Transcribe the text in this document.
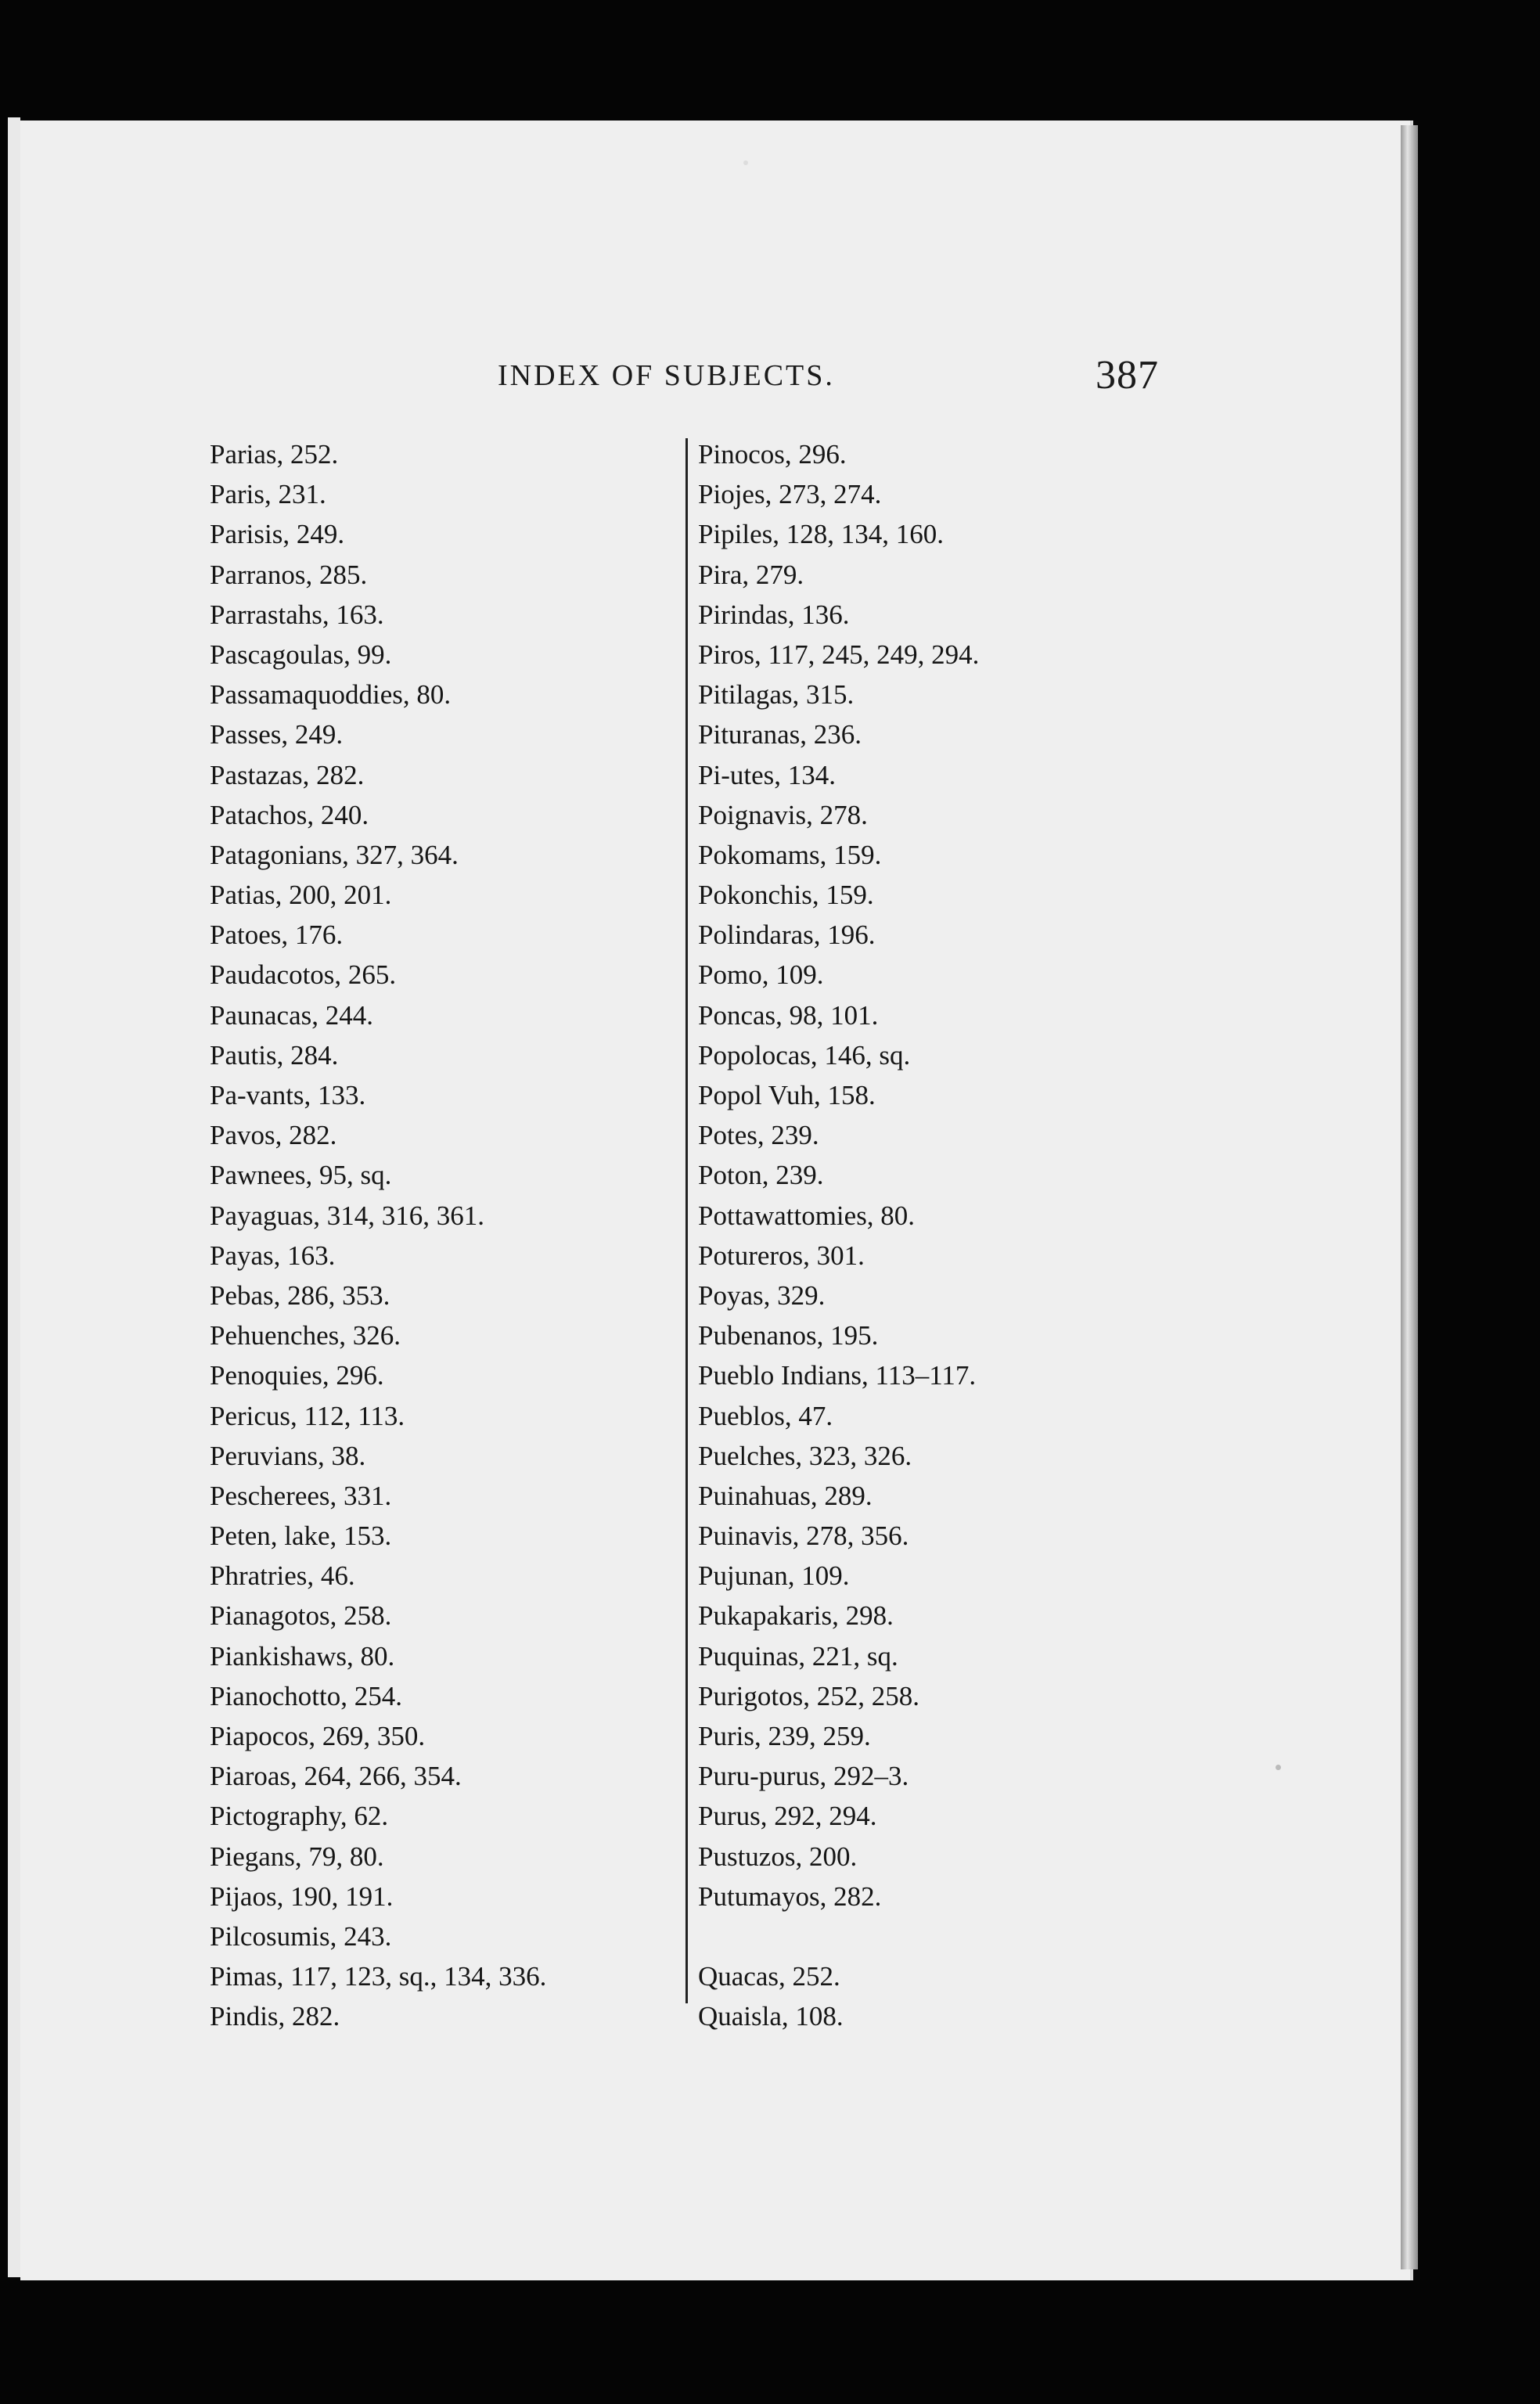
INDEX OF SUBJECTS.	387
Parias, 252.
Paris, 231.
Parisis, 249.
Parranos, 285.
Parrastahs, 163.
Pascagoulas, 99.
Passamaquoddies, 80.
Passes, 249.
Pastazas, 282.
Patachos, 240.
Patagonians, 327, 364.
Patias, 200, 201.
Patoes, 176.
Paudacotos, 265.
Paunacas, 244.
Pautis, 284.
Pa-vants, 133.
Pavos, 282.
Pawnees, 95, sq.
Payaguas, 314, 316, 361.
Payas, 163.
Pebas, 286, 353.
Pehuenches, 326.
Penoquies, 296.
Pericus, 112, 113.
Peruvians, 38.
Pescherees, 331.
Peten, lake, 153.
Phratries, 46.
Pianagotos, 258.
Piankishaws, 80.
Pianochotto, 254.
Piapocos, 269, 350.
Piaroas, 264, 266, 354.
Pictography, 62.
Piegans, 79, 80.
Pijaos, 190, 191.
Pilcosumis, 243.
Pimas, 117, 123, sq., 134, 336.
Pindis, 282.
Pinocos, 296.
Piojes, 273, 274.
Pipiles, 128, 134, 160.
Pira, 279.
Pirindas, 136.
Piros, 117, 245, 249, 294.
Pitilagas, 315.
Pituranas, 236.
Pi-utes, 134.
Poignavis, 278.
Pokomams, 159.
Pokonchis, 159.
Polindaras, 196.
Pomo, 109.
Poncas, 98, 101.
Popolocas, 146, sq.
Popol Vuh, 158.
Potes, 239.
Poton, 239.
Pottawattomies, 80.
Potureros, 301.
Poyas, 329.
Pubenanos, 195.
Pueblo Indians, 113–117.
Pueblos, 47.
Puelches, 323, 326.
Puinahuas, 289.
Puinavis, 278, 356.
Pujunan, 109.
Pukapakaris, 298.
Puquinas, 221, sq.
Purigotos, 252, 258.
Puris, 239, 259.
Puru-purus, 292–3.
Purus, 292, 294.
Pustuzos, 200.
Putumayos, 282.
Quacas, 252.
Quaisla, 108.
